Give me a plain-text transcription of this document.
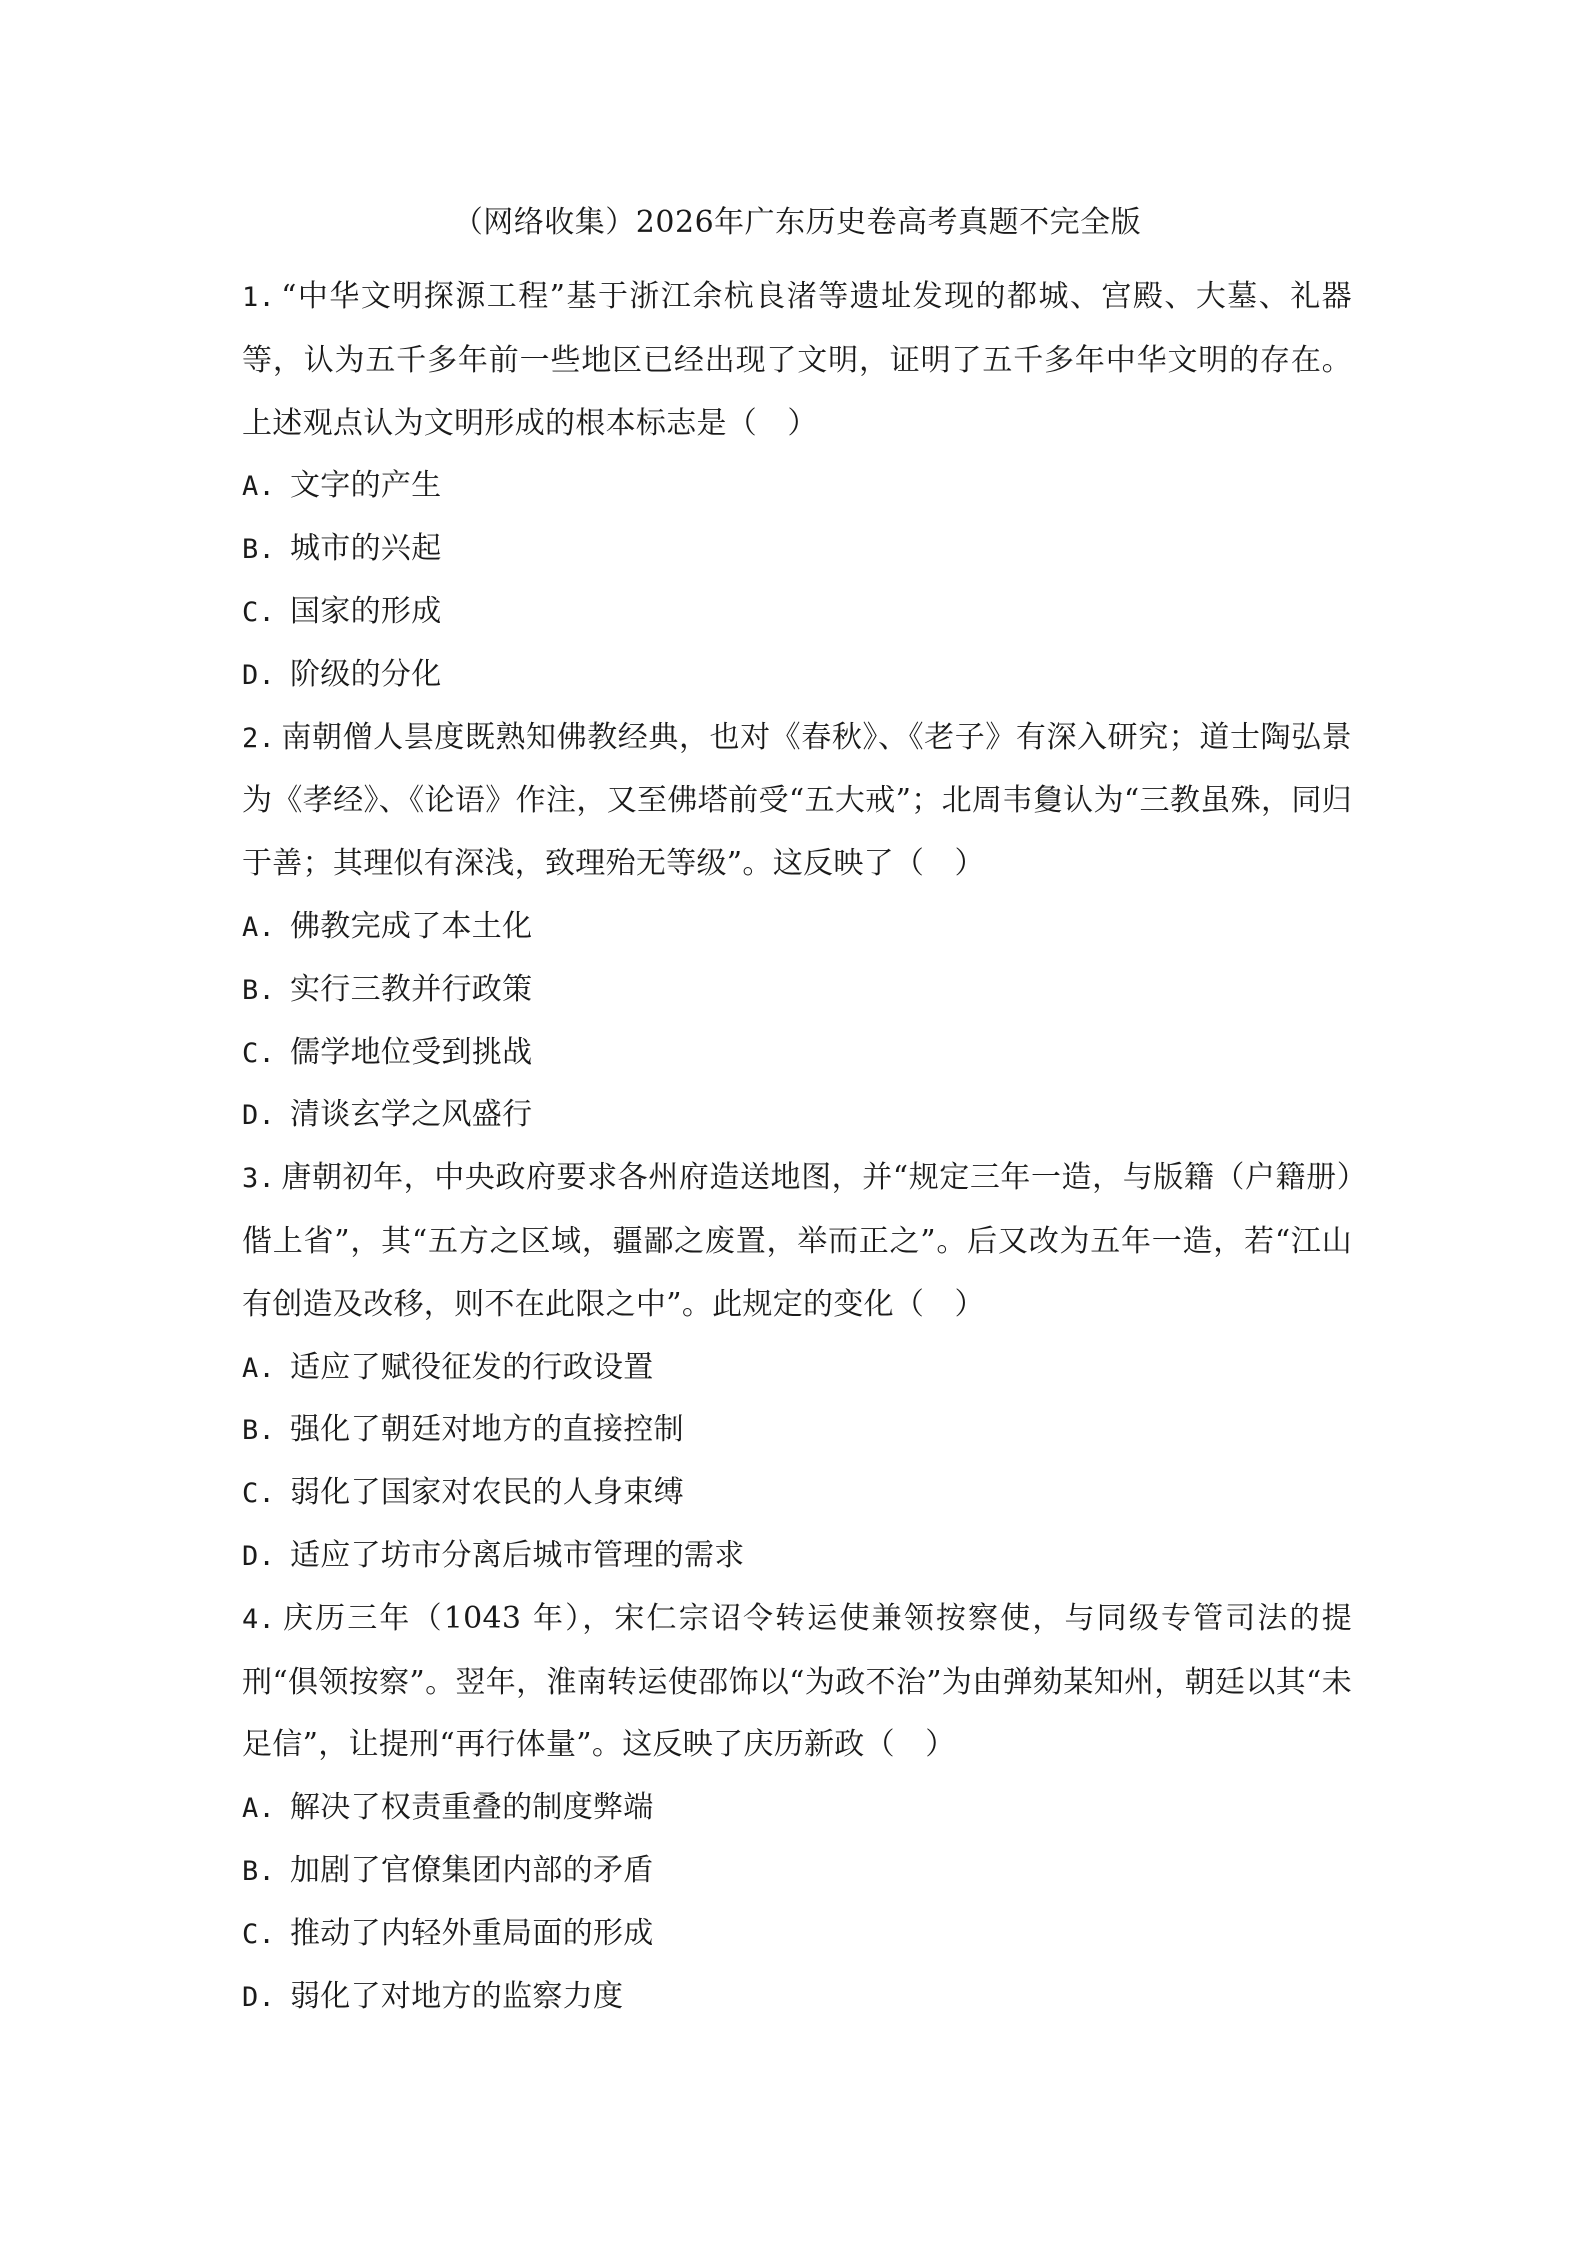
（网络收集）2026年广东历史卷高考真题不完全版

1. “中华文明探源工程”基于浙江余杭良渚等遗址发现的都城、宫殿、大墓、礼器等，认为五千多年前一些地区已经出现了文明，证明了五千多年中华文明的存在。上述观点认为文明形成的根本标志是（　）

A. 文字的产生
B. 城市的兴起
C. 国家的形成
D. 阶级的分化

2. 南朝僧人昙度既熟知佛教经典，也对《春秋》、《老子》有深入研究；道士陶弘景为《孝经》、《论语》作注，又至佛塔前受“五大戒”；北周韦敻认为“三教虽殊，同归于善；其理似有深浅，致理殆无等级”。这反映了（　）

A. 佛教完成了本土化
B. 实行三教并行政策
C. 儒学地位受到挑战
D. 清谈玄学之风盛行

3. 唐朝初年，中央政府要求各州府造送地图，并“规定三年一造，与版籍（户籍册）偕上省”，其“五方之区域，疆鄙之废置，举而正之”。后又改为五年一造，若“江山有创造及改移，则不在此限之中”。此规定的变化（　）

A. 适应了赋役征发的行政设置
B. 强化了朝廷对地方的直接控制
C. 弱化了国家对农民的人身束缚
D. 适应了坊市分离后城市管理的需求

4. 庆历三年（1043 年），宋仁宗诏令转运使兼领按察使，与同级专管司法的提刑“俱领按察”。翌年，淮南转运使邵饰以“为政不治”为由弹劾某知州，朝廷以其“未足信”，让提刑“再行体量”。这反映了庆历新政（　）

A. 解决了权责重叠的制度弊端
B. 加剧了官僚集团内部的矛盾
C. 推动了内轻外重局面的形成
D. 弱化了对地方的监察力度
